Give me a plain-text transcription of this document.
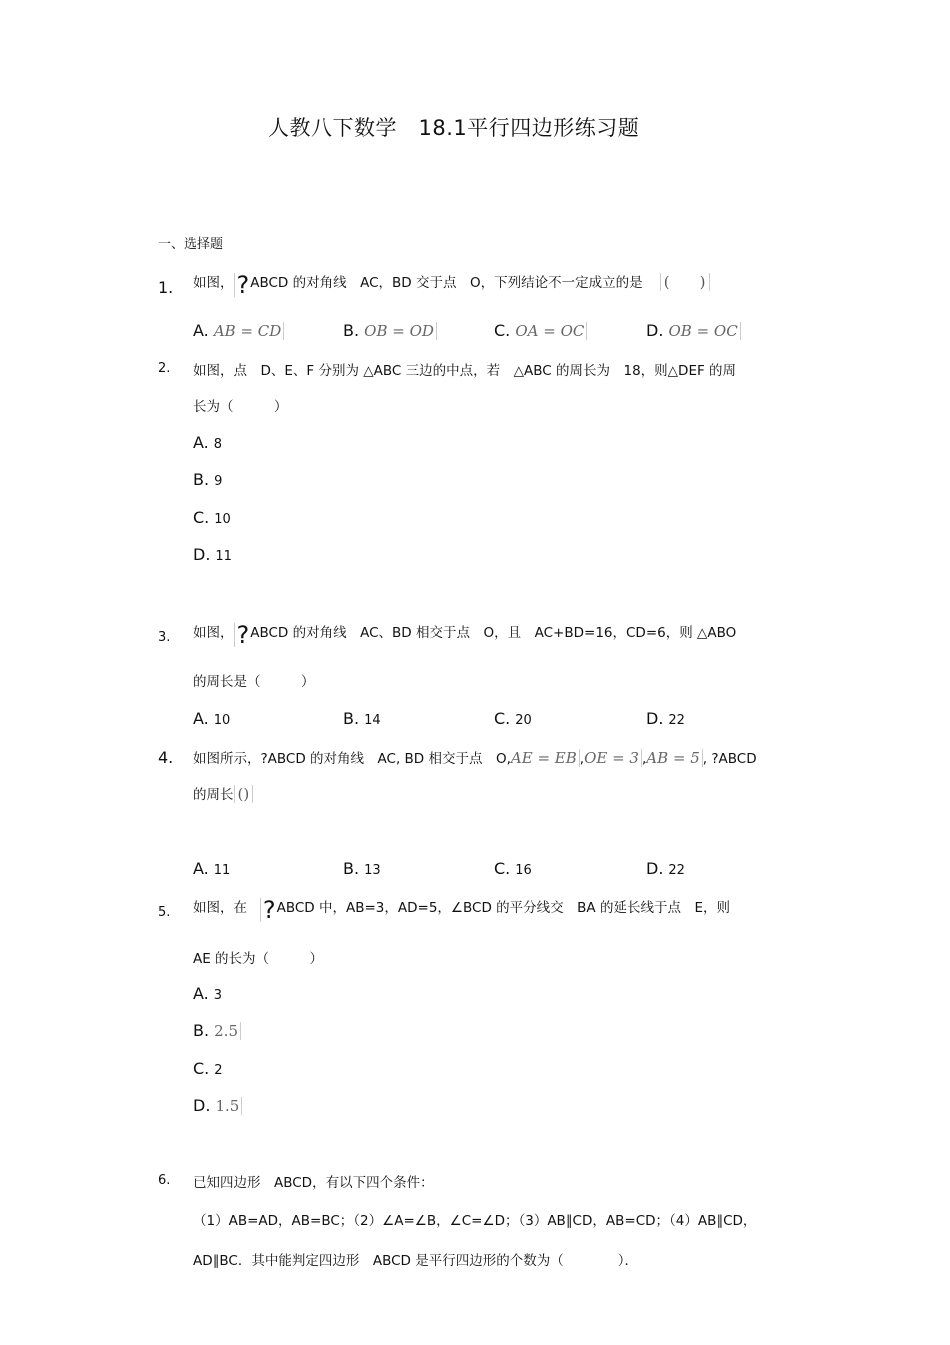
人教八下数学　18.1平行四边形练习题
一、选择题
1. 如图， ?ABCD 的对角线　AC，BD 交于点　O，下列结论不一定成立的是 (　　)
A. AB = CD	B. OB = OD	C. OA = OC	D. OB = OC
2. 如图，点　D、E、F 分别为 △ABC 三边的中点，若　△ABC 的周长为　18，则△DEF 的周
长为（　　　）
A. 8
B. 9
C. 10
D. 11
3. 如图， ?ABCD 的对角线　AC、BD 相交于点　O，且　AC+BD=16，CD=6，则 △ABO
的周长是（　　　）
A. 10	B. 14	C. 20	D. 22
4. 如图所示，?ABCD 的对角线　AC, BD 相交于点　O,AE = EB ,OE = 3 ,AB = 5 , ?ABCD
的周长 ()
A. 11	B. 13	C. 16	D. 22
5. 如图，在 ?ABCD 中，AB=3，AD=5，∠BCD 的平分线交　BA 的延长线于点　E，则
AE 的长为（　　　）
A. 3
B. 2.5
C. 2
D. 1.5
6. 已知四边形　ABCD，有以下四个条件：
（1）AB=AD，AB=BC；（2）∠A=∠B，∠C=∠D；（3）AB∥CD，AB=CD；（4）AB∥CD，
AD∥BC．其中能判定四边形　ABCD 是平行四边形的个数为（　　　　）．
